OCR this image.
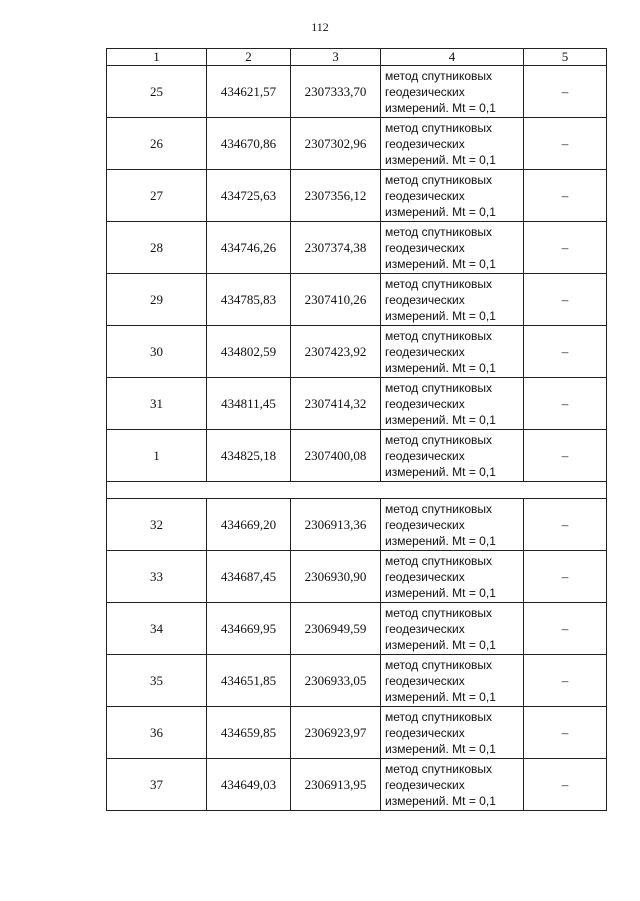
112
1	2	3	4	5
25	434621,57	2307333,70	метод спутниковых
геодезических
измерений. Mt = 0,1	–
26	434670,86	2307302,96	метод спутниковых
геодезических
измерений. Mt = 0,1	–
27	434725,63	2307356,12	метод спутниковых
геодезических
измерений. Mt = 0,1	–
28	434746,26	2307374,38	метод спутниковых
геодезических
измерений. Mt = 0,1	–
29	434785,83	2307410,26	метод спутниковых
геодезических
измерений. Mt = 0,1	–
30	434802,59	2307423,92	метод спутниковых
геодезических
измерений. Mt = 0,1	–
31	434811,45	2307414,32	метод спутниковых
геодезических
измерений. Mt = 0,1	–
1	434825,18	2307400,08	метод спутниковых
геодезических
измерений. Mt = 0,1	–

32	434669,20	2306913,36	метод спутниковых
геодезических
измерений. Mt = 0,1	–
33	434687,45	2306930,90	метод спутниковых
геодезических
измерений. Mt = 0,1	–
34	434669,95	2306949,59	метод спутниковых
геодезических
измерений. Mt = 0,1	–
35	434651,85	2306933,05	метод спутниковых
геодезических
измерений. Mt = 0,1	–
36	434659,85	2306923,97	метод спутниковых
геодезических
измерений. Mt = 0,1	–
37	434649,03	2306913,95	метод спутниковых
геодезических
измерений. Mt = 0,1	–
